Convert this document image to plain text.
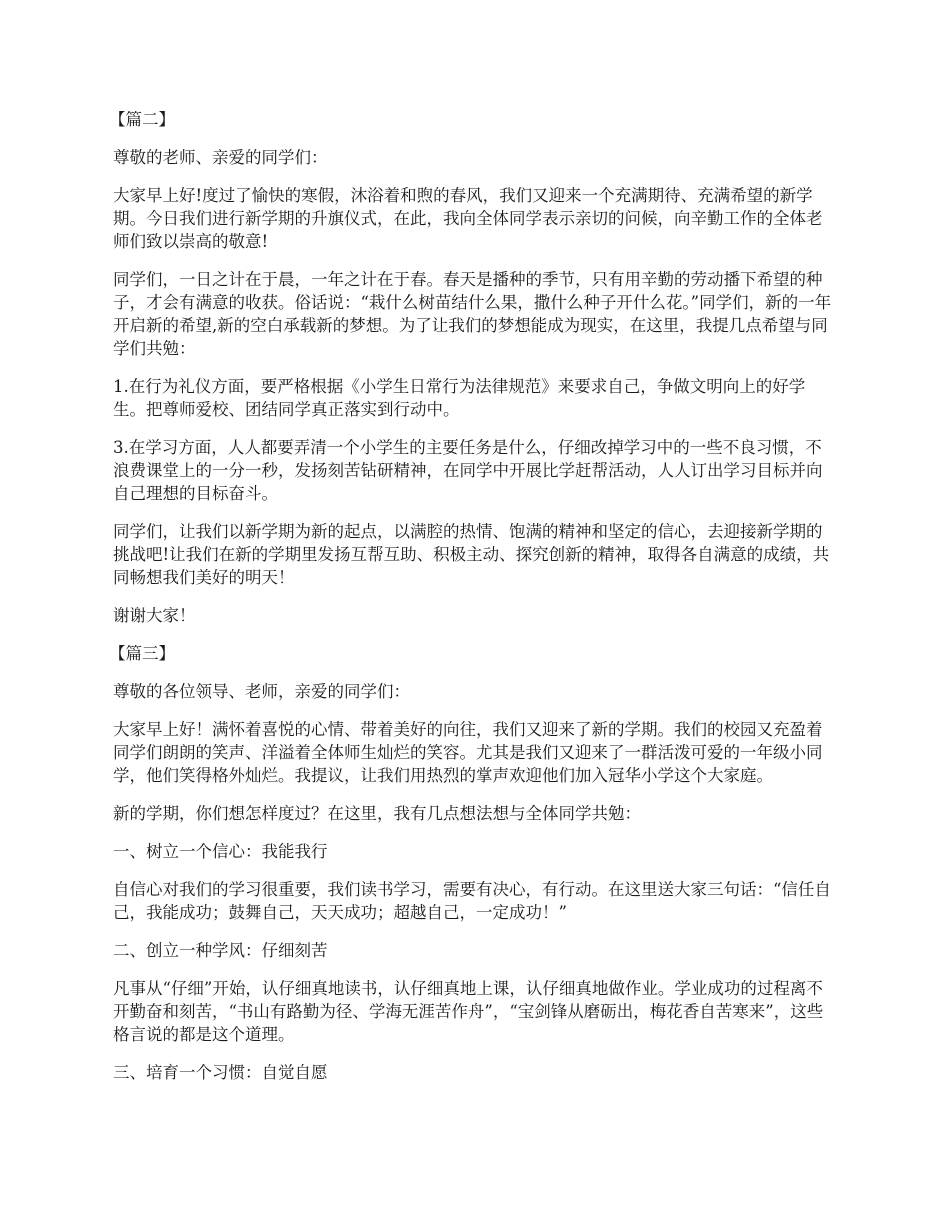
【篇二】

尊敬的老师、亲爱的同学们：

大家早上好!度过了愉快的寒假，沐浴着和煦的春风，我们又迎来一个充满期待、充满希望的新学期。今日我们进行新学期的升旗仪式，在此，我向全体同学表示亲切的问候，向辛勤工作的全体老师们致以崇高的敬意!

同学们，一日之计在于晨，一年之计在于春。春天是播种的季节，只有用辛勤的劳动播下希望的种子，才会有满意的收获。俗话说：“栽什么树苗结什么果，撒什么种子开什么花。”同学们，新的一年开启新的希望,新的空白承载新的梦想。为了让我们的梦想能成为现实，在这里，我提几点希望与同学们共勉：

1.在行为礼仪方面，要严格根据《小学生日常行为法律规范》来要求自己，争做文明向上的好学生。把尊师爱校、团结同学真正落实到行动中。

3.在学习方面，人人都要弄清一个小学生的主要任务是什么，仔细改掉学习中的一些不良习惯，不浪费课堂上的一分一秒，发扬刻苦钻研精神，在同学中开展比学赶帮活动，人人订出学习目标并向自己理想的目标奋斗。

同学们，让我们以新学期为新的起点，以满腔的热情、饱满的精神和坚定的信心，去迎接新学期的挑战吧!让我们在新的学期里发扬互帮互助、积极主动、探究创新的精神，取得各自满意的成绩，共同畅想我们美好的明天！

谢谢大家！

【篇三】

尊敬的各位领导、老师，亲爱的同学们：

大家早上好！满怀着喜悦的心情、带着美好的向往，我们又迎来了新的学期。我们的校园又充盈着同学们朗朗的笑声、洋溢着全体师生灿烂的笑容。尤其是我们又迎来了一群活泼可爱的一年级小同学，他们笑得格外灿烂。我提议，让我们用热烈的掌声欢迎他们加入冠华小学这个大家庭。

新的学期，你们想怎样度过？在这里，我有几点想法想与全体同学共勉：

一、树立一个信心：我能我行

自信心对我们的学习很重要，我们读书学习，需要有决心，有行动。在这里送大家三句话：“信任自己，我能成功；鼓舞自己，天天成功；超越自己，一定成功！”

二、创立一种学风：仔细刻苦

凡事从“仔细”开始，认仔细真地读书，认仔细真地上课，认仔细真地做作业。学业成功的过程离不开勤奋和刻苦，“书山有路勤为径、学海无涯苦作舟”，“宝剑锋从磨砺出，梅花香自苦寒来”，这些格言说的都是这个道理。

三、培育一个习惯：自觉自愿
